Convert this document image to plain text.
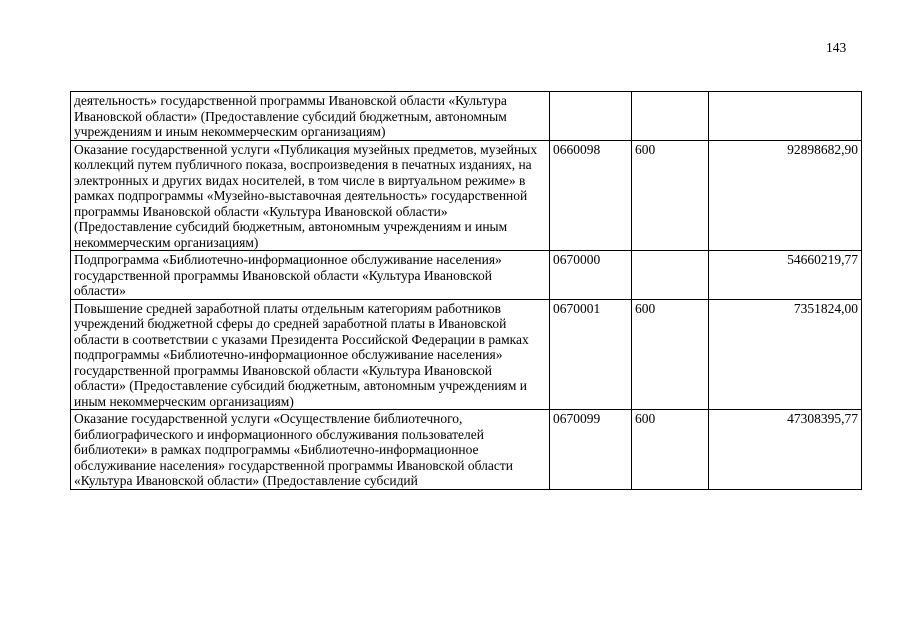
143
деятельность» государственной программы Ивановской области «Культура Ивановской области» (Предоставление субсидий бюджетным, автономным учреждениям и иным некоммерческим организациям)			
Оказание государственной услуги «Публикация музейных предметов, музейных коллекций путем публичного показа, воспроизведения в печатных изданиях, на электронных и других видах носителей, в том числе в виртуальном режиме» в рамках подпрограммы «Музейно-выставочная деятельность» государственной программы Ивановской области «Культура Ивановской области» (Предоставление субсидий бюджетным, автономным учреждениям и иным некоммерческим организациям)	0660098	600	92898682,90
Подпрограмма «Библиотечно-информационное обслуживание населения» государственной программы Ивановской области «Культура Ивановской области»	0670000		54660219,77
Повышение средней заработной платы отдельным категориям работников учреждений бюджетной сферы до средней заработной платы в Ивановской области в соответствии с указами Президента Российской Федерации в рамках подпрограммы «Библиотечно-информационное обслуживание населения» государственной программы Ивановской области «Культура Ивановской области» (Предоставление субсидий бюджетным, автономным учреждениям и иным некоммерческим организациям)	0670001	600	7351824,00
Оказание государственной услуги «Осуществление библиотечного, библиографического и информационного обслуживания пользователей библиотеки» в рамках подпрограммы «Библиотечно-информационное обслуживание населения» государственной программы Ивановской области «Культура Ивановской области» (Предоставление субсидий	0670099	600	47308395,77
